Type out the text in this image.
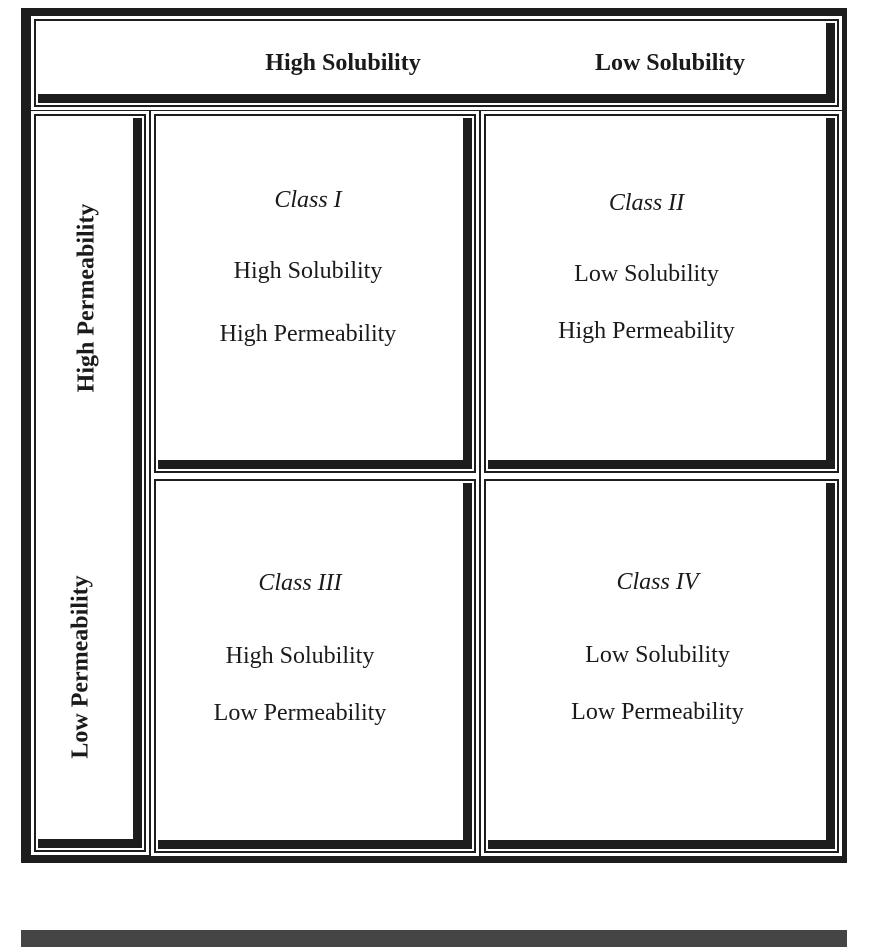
High Solubility	Low Solubility
High Permeability
Low Permeability
Class I
High Solubility
High Permeability
Class II
Low Solubility
High Permeability
Class III
High Solubility
Low Permeability
Class IV
Low Solubility
Low Permeability
